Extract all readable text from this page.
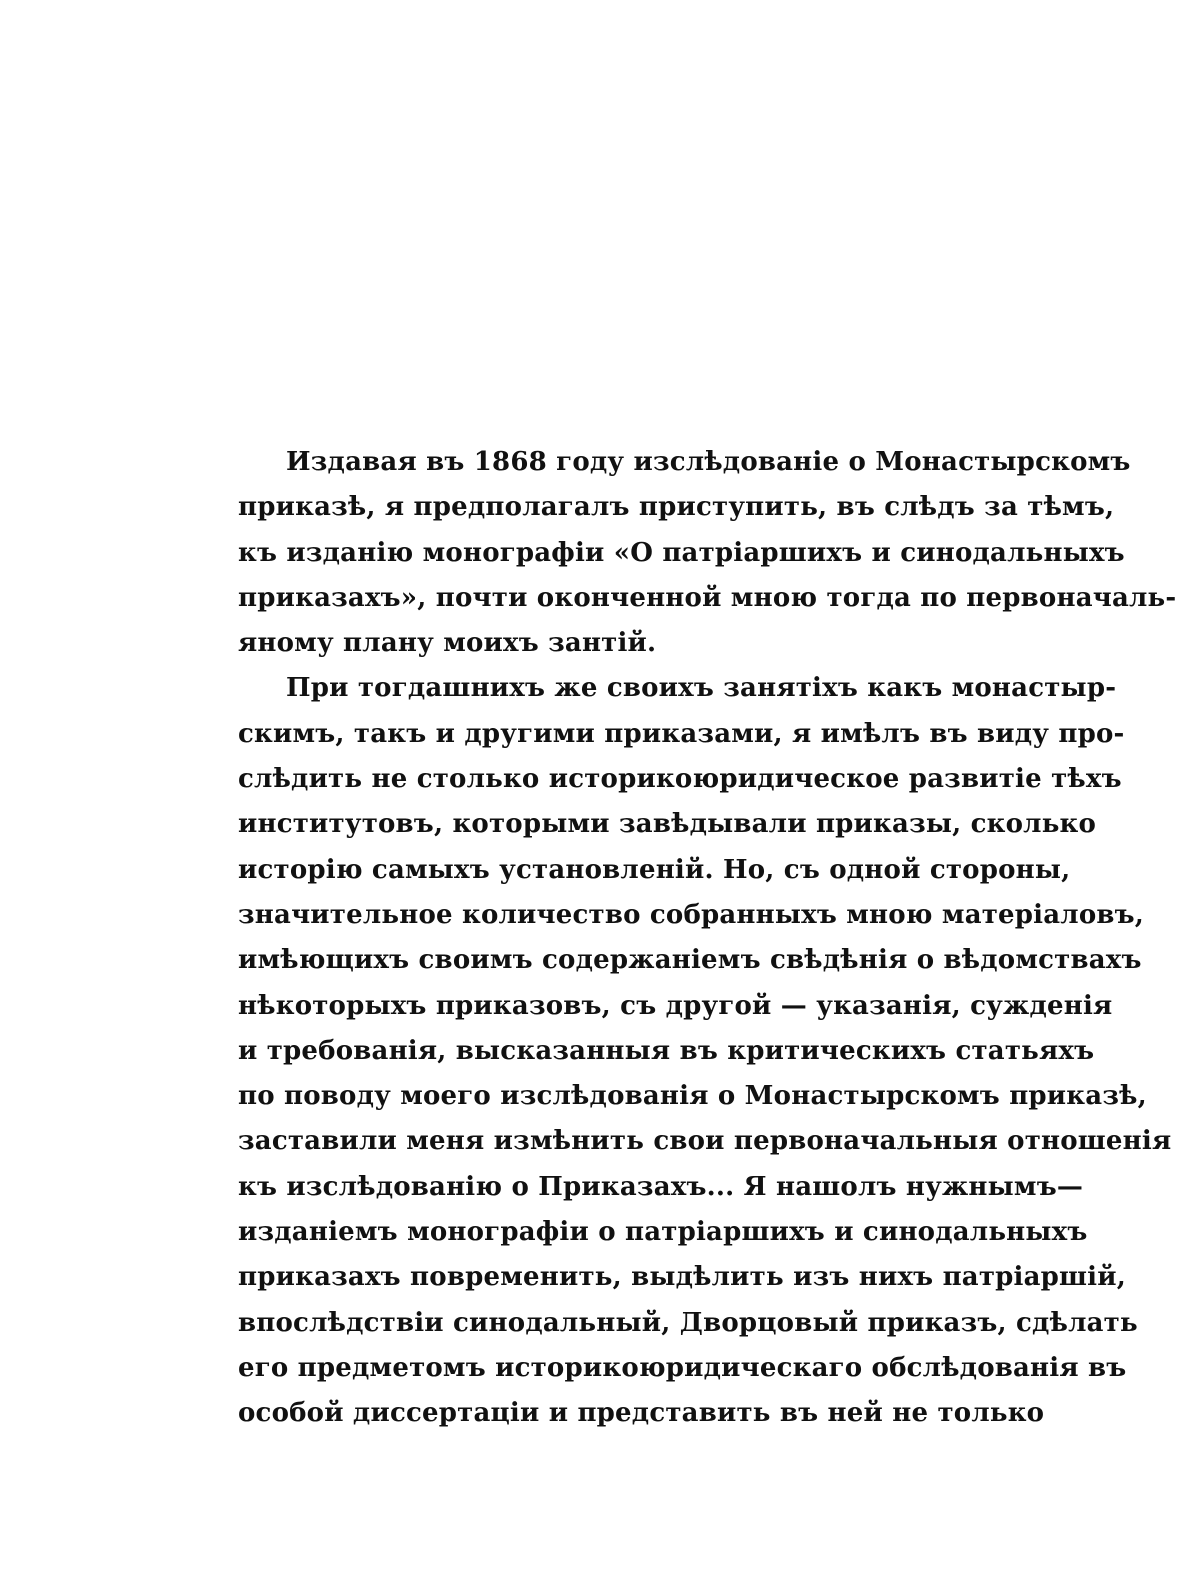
Издавая въ 1868 году изслѣдованіе о Монастырскомъ
приказѣ, я предполагалъ приступить, въ слѣдъ за тѣмъ,
къ изданію монографіи «О патріаршихъ и синодальныхъ
приказахъ», почти оконченной мною тогда по первоначаль-
яному плану моихъ зантій.
При тогдашнихъ же своихъ занятіхъ какъ монастыр-
скимъ, такъ и другими приказами, я имѣлъ въ виду про-
слѣдить не столько историкоюридическое развитіе тѣхъ
институтовъ, которыми завѣдывали приказы, сколько
исторію самыхъ установленій. Но, съ одной стороны,
значительное количество собранныхъ мною матеріаловъ,
имѣющихъ своимъ содержаніемъ свѣдѣнія о вѣдомствахъ
нѣкоторыхъ приказовъ, съ другой — указанія, сужденія
и требованія, высказанныя въ критическихъ статьяхъ
по поводу моего изслѣдованія о Монастырскомъ приказѣ,
заставили меня измѣнить свои первоначальныя отношенія
къ изслѣдованію о Приказахъ... Я нашолъ нужнымъ—
изданіемъ монографіи о патріаршихъ и синодальныхъ
приказахъ повременить, выдѣлить изъ нихъ патріаршій,
впослѣдствіи синодальный, Дворцовый приказъ, сдѣлать
его предметомъ историкоюридическаго обслѣдованія въ
особой диссертаціи и представить въ ней не только
